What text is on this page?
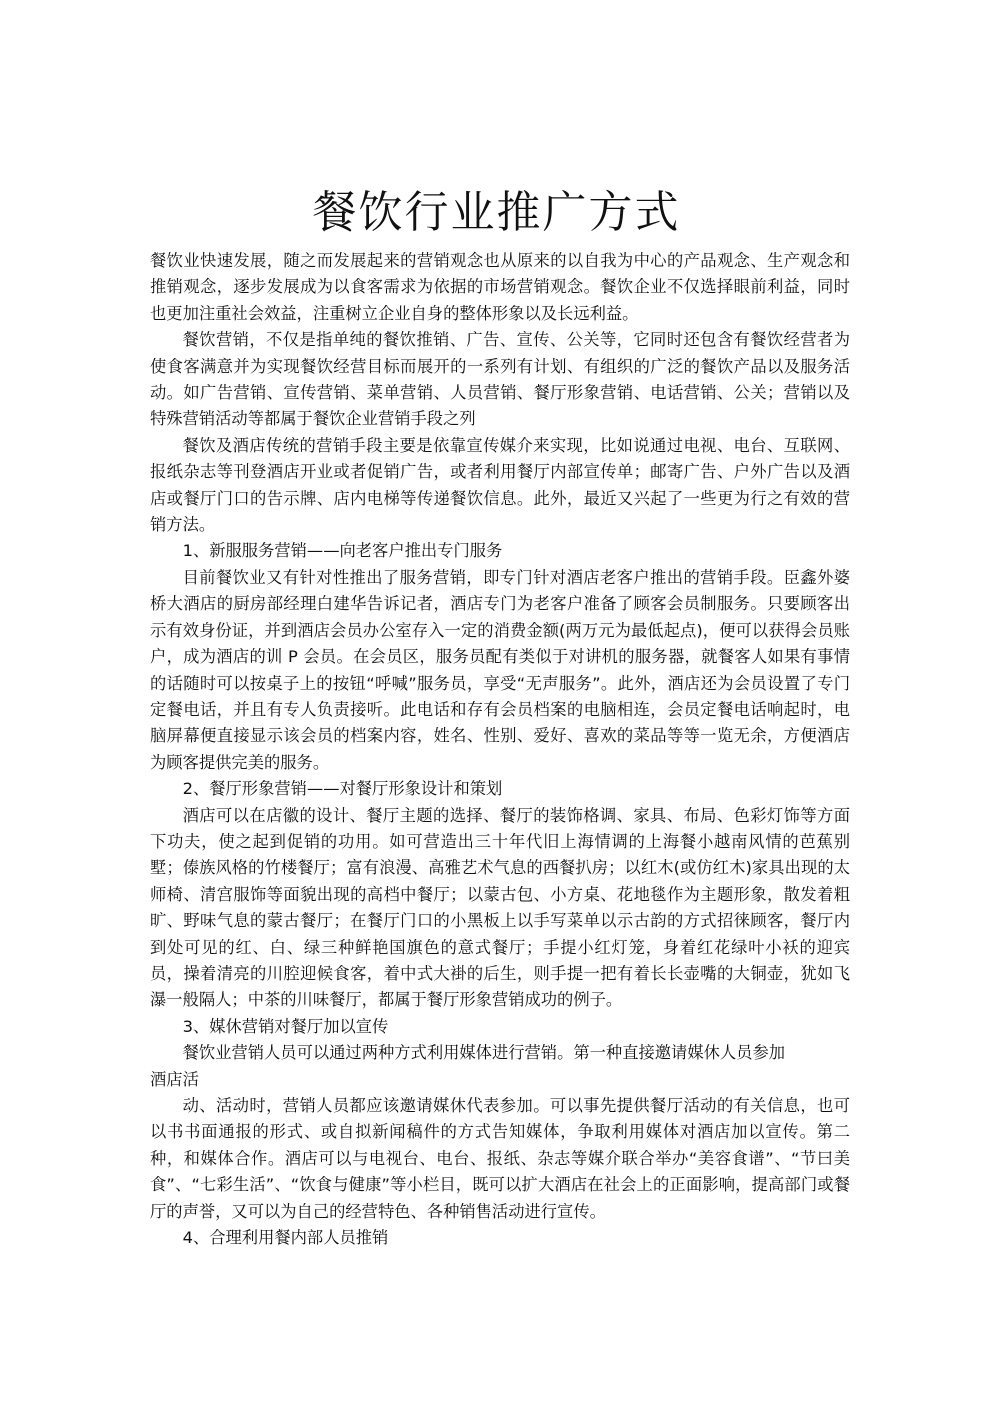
餐饮行业推广方式

餐饮业快速发展，随之而发展起来的营销观念也从原来的以自我为中心的产品观念、生产观念和推销观念，逐步发展成为以食客需求为依据的市场营销观念。餐饮企业不仅选择眼前利益，同时也更加注重社会效益，注重树立企业自身的整体形象以及长远利益。

餐饮营销，不仅是指单纯的餐饮推销、广告、宣传、公关等，它同时还包含有餐饮经营者为使食客满意并为实现餐饮经营目标而展开的一系列有计划、有组织的广泛的餐饮产品以及服务活动。如广告营销、宣传营销、菜单营销、人员营销、餐厅形象营销、电话营销、公关；营销以及特殊营销活动等都属于餐饮企业营销手段之列

餐饮及酒店传统的营销手段主要是依靠宣传媒介来实现，比如说通过电视、电台、互联网、报纸杂志等刊登酒店开业或者促销广告，或者利用餐厅内部宣传单；邮寄广告、户外广告以及酒店或餐厅门口的告示牌、店内电梯等传递餐饮信息。此外，最近又兴起了一些更为行之有效的营销方法。

1、新服服务营销——向老客户推出专门服务

目前餐饮业又有针对性推出了服务营销，即专门针对酒店老客户推出的营销手段。臣鑫外婆桥大酒店的厨房部经理白建华告诉记者，酒店专门为老客户准备了顾客会员制服务。只要顾客出示有效身份证，并到酒店会员办公室存入一定的消费金额(两万元为最低起点)，便可以获得会员账户，成为酒店的训 P 会员。在会员区，服务员配有类似于对讲机的服务器，就餐客人如果有事情的话随时可以按桌子上的按钮“呼喊”服务员，享受“无声服务”。此外，酒店还为会员设置了专门定餐电话，并且有专人负责接听。此电话和存有会员档案的电脑相连，会员定餐电话响起时，电脑屏幕便直接显示该会员的档案内容，姓名、性别、爱好、喜欢的菜品等等一览无余，方便酒店为顾客提供完美的服务。

2、餐厅形象营销——对餐厅形象设计和策划

酒店可以在店徽的设计、餐厅主题的选择、餐厅的装饰格调、家具、布局、色彩灯饰等方面下功夫，使之起到促销的功用。如可营造出三十年代旧上海情调的上海餐小越南风情的芭蕉别墅；傣族风格的竹楼餐厅；富有浪漫、高雅艺术气息的西餐扒房；以红木(或仿红木)家具出现的太师椅、清宫服饰等面貌出现的高档中餐厅；以蒙古包、小方桌、花地毯作为主题形象，散发着粗旷、野味气息的蒙古餐厅；在餐厅门口的小黑板上以手写菜单以示古韵的方式招徕顾客，餐厅内到处可见的红、白、绿三种鲜艳国旗色的意式餐厅；手提小红灯笼，身着红花绿叶小袄的迎宾员，操着清亮的川腔迎候食客，着中式大褂的后生，则手提一把有着长长壶嘴的大铜壶，犹如飞瀑一般隔人；中茶的川味餐厅，都属于餐厅形象营销成功的例子。

3、媒休营销对餐厅加以宣传

餐饮业营销人员可以通过两种方式利用媒体进行营销。第一种直接邀请媒休人员参加

酒店活

动、活动时，营销人员都应该邀请媒休代表参加。可以事先提供餐厅活动的有关信息，也可以书书面通报的形式、或自拟新闻稿件的方式告知媒体，争取利用媒体对酒店加以宣传。第二种，和媒体合作。酒店可以与电视台、电台、报纸、杂志等媒介联合举办“美容食谱”、“节曰美食”、“七彩生活”、“饮食与健康”等小栏目，既可以扩大酒店在社会上的正面影响，提高部门或餐厅的声誉，又可以为自己的经营特色、各种销售活动进行宣传。

4、合理利用餐内部人员推销
